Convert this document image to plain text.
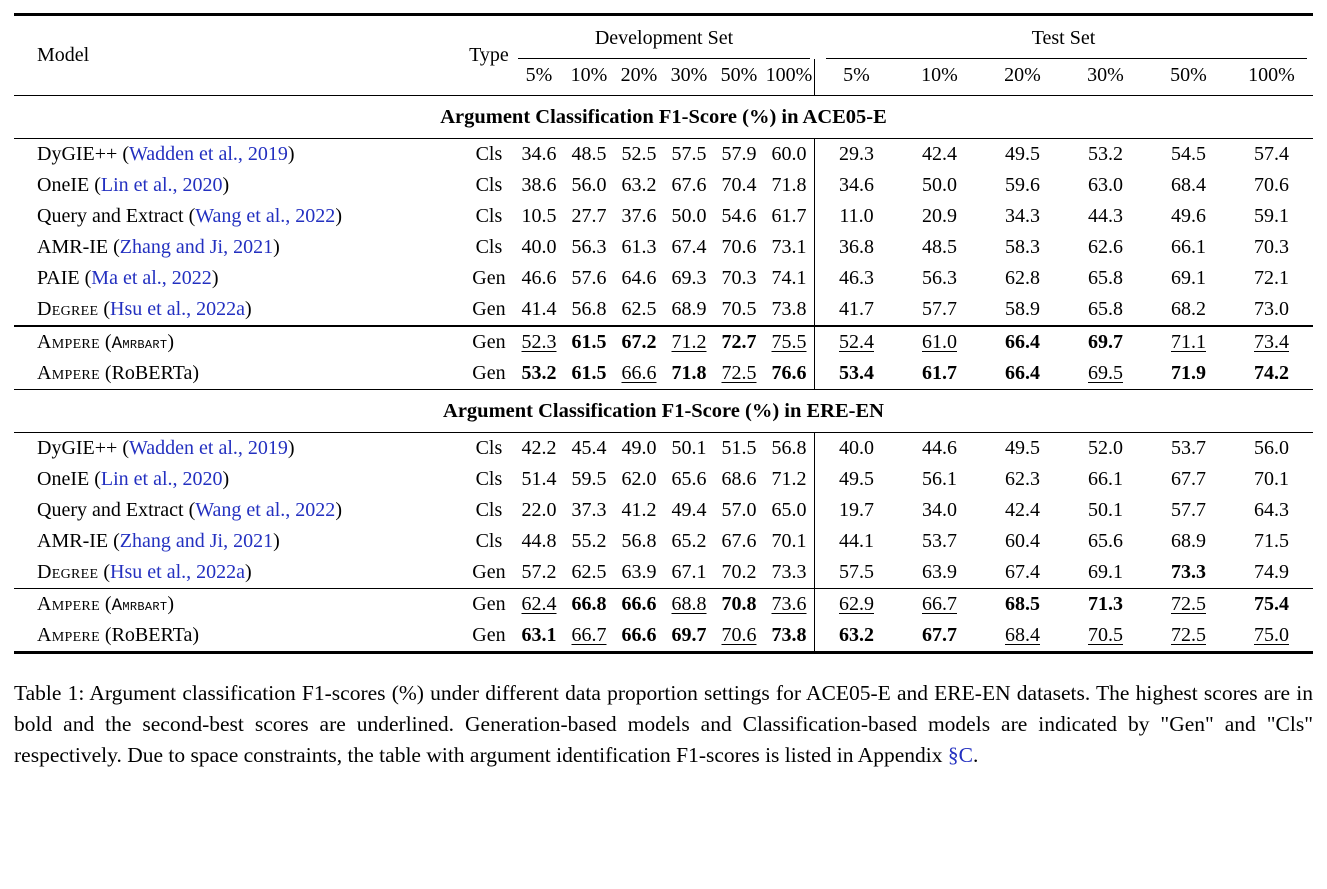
Model	Type
Development Set
5% 10% 20% 30% 50% 100%
Test Set
5%	10%	20%	30%	50%	100%
Argument Classification F1-Score (%) in ACE05-E
DyGIE++ (Wadden et al., 2019)	Cls 34.6 48.5 52.5 57.5 57.9 60.0	29.3	42.4	49.5	53.2	54.5	57.4
OneIE (Lin et al., 2020)	Cls 38.6 56.0 63.2 67.6 70.4 71.8	34.6	50.0	59.6	63.0	68.4	70.6
Query and Extract (Wang et al., 2022)	Cls 10.5 27.7 37.6 50.0 54.6 61.7	11.0	20.9	34.3	44.3	49.6	59.1
AMR-IE (Zhang and Ji, 2021)	Cls 40.0 56.3 61.3 67.4 70.6 73.1	36.8	48.5	58.3	62.6	66.1	70.3
PAIE (Ma et al., 2022)	Gen 46.6 57.6 64.6 69.3 70.3 74.1	46.3	56.3	62.8	65.8	69.1	72.1
Degree (Hsu et al., 2022a)	Gen 41.4 56.8 62.5 68.9 70.5 73.8	41.7	57.7	58.9	65.8	68.2	73.0
Ampere (Amrbart)	Gen 52.3 61.5 67.2 71.2 72.7 75.5	52.4	61.0	66.4	69.7	71.1	73.4
Ampere (RoBERTa)	Gen 53.2 61.5 66.6 71.8 72.5 76.6	53.4	61.7	66.4	69.5	71.9	74.2
Argument Classification F1-Score (%) in ERE-EN
DyGIE++ (Wadden et al., 2019)	Cls 42.2 45.4 49.0 50.1 51.5 56.8	40.0	44.6	49.5	52.0	53.7	56.0
OneIE (Lin et al., 2020)	Cls 51.4 59.5 62.0 65.6 68.6 71.2	49.5	56.1	62.3	66.1	67.7	70.1
Query and Extract (Wang et al., 2022)	Cls 22.0 37.3 41.2 49.4 57.0 65.0	19.7	34.0	42.4	50.1	57.7	64.3
AMR-IE (Zhang and Ji, 2021)	Cls 44.8 55.2 56.8 65.2 67.6 70.1	44.1	53.7	60.4	65.6	68.9	71.5
Degree (Hsu et al., 2022a)	Gen 57.2 62.5 63.9 67.1 70.2 73.3	57.5	63.9	67.4	69.1	73.3	74.9
Ampere (Amrbart)	Gen 62.4 66.8 66.6 68.8 70.8 73.6	62.9	66.7	68.5	71.3	72.5	75.4
Ampere (RoBERTa)	Gen 63.1 66.7 66.6 69.7 70.6 73.8	63.2	67.7	68.4	70.5	72.5	75.0

Table 1: Argument classification F1-scores (%) under different data proportion settings for ACE05-E and ERE-EN datasets. The highest scores are in bold and the second-best scores are underlined. Generation-based models and Classification-based models are indicated by "Gen" and "Cls" respectively. Due to space constraints, the table with argument identification F1-scores is listed in Appendix §C.
